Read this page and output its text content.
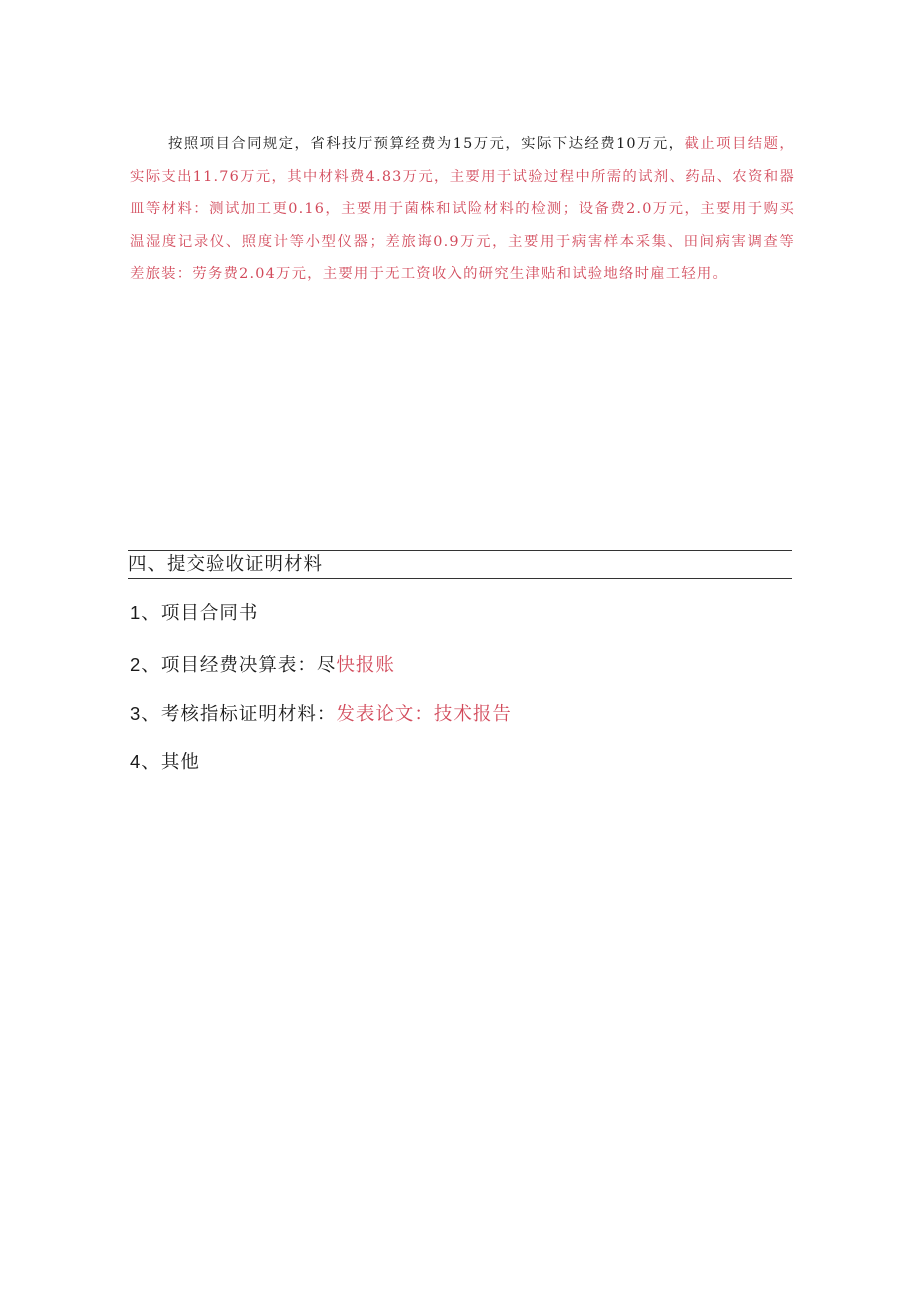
按照项目合同规定，省科技厅预算经费为15万元，实际下达经费10万元，截止项目结题，实际支出11.76万元，其中材料费4.83万元，主要用于试验过程中所需的试剂、药品、农资和器皿等材料：测试加工更0.16，主要用于菌株和试险材料的检测；设备费2.0万元，主要用于购买温湿度记录仪、照度计等小型仪器；差旅诲0.9万元，主要用于病害样本采集、田间病害调查等差旅装：劳务费2.04万元，主要用于无工资收入的研究生津贴和试验地络时雇工轻用。

四、提交验收证明材料
1、项目合同书
2、项目经费决算表：尽快报账
3、考核指标证明材料：发表论文：技术报告
4、其他
